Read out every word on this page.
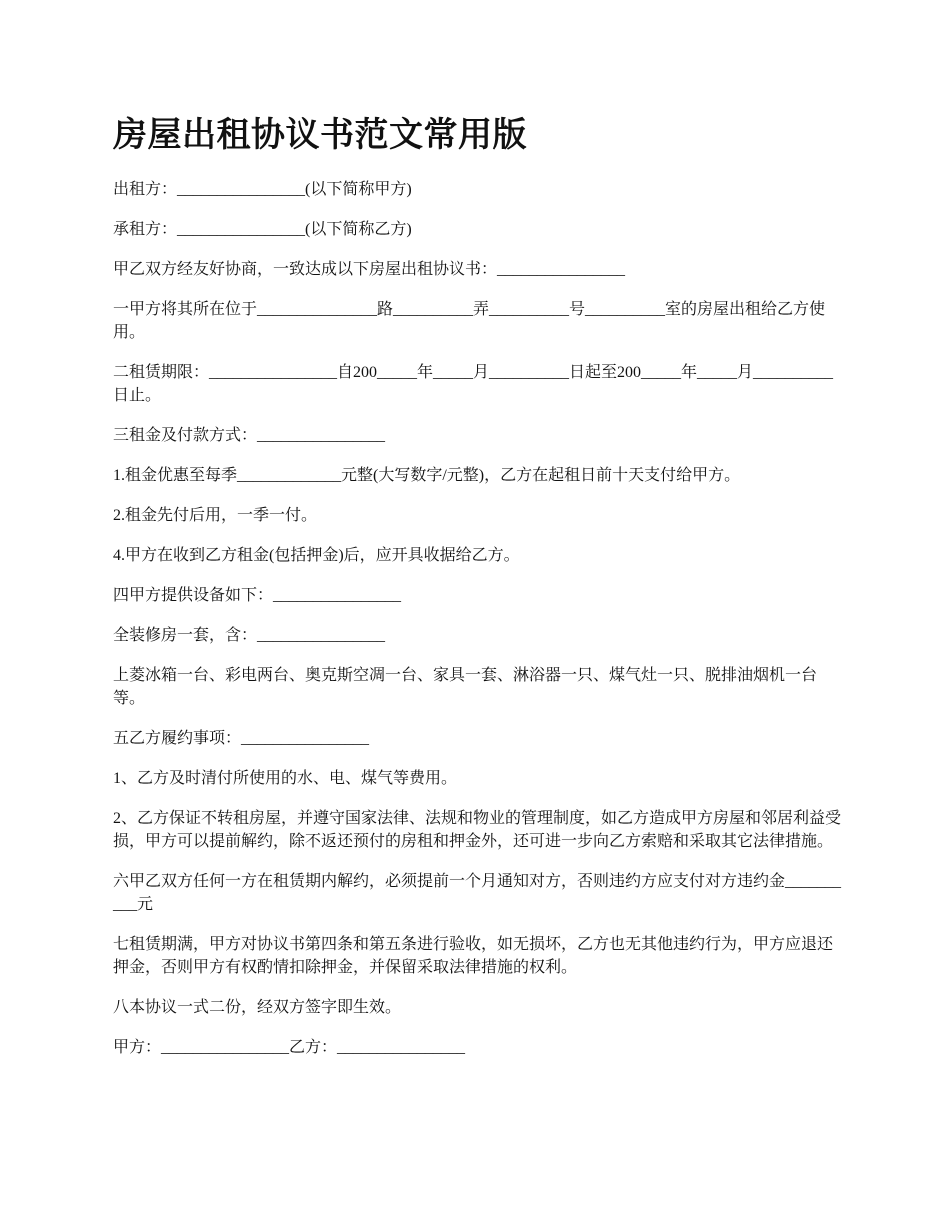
房屋出租协议书范文常用版

出租方：________________(以下简称甲方)

承租方：________________(以下简称乙方)

甲乙双方经友好协商，一致达成以下房屋出租协议书：________________

一甲方将其所在位于_______________路__________弄__________号__________室的房屋出租给乙方使用。

二租赁期限：________________自200_____年_____月__________日起至200_____年_____月__________日止。

三租金及付款方式：________________

1.租金优惠至每季_____________元整(大写数字/元整)，乙方在起租日前十天支付给甲方。

2.租金先付后用，一季一付。

4.甲方在收到乙方租金(包括押金)后，应开具收据给乙方。

四甲方提供设备如下：________________

全装修房一套，含：________________

上菱冰箱一台、彩电两台、奥克斯空凋一台、家具一套、淋浴器一只、煤气灶一只、脱排油烟机一台等。

五乙方履约事项：________________

1、乙方及时清付所使用的水、电、煤气等费用。

2、乙方保证不转租房屋，并遵守国家法律、法规和物业的管理制度，如乙方造成甲方房屋和邻居利益受损，甲方可以提前解约，除不返还预付的房租和押金外，还可进一步向乙方索赔和采取其它法律措施。

六甲乙双方任何一方在租赁期内解约，必须提前一个月通知对方，否则违约方应支付对方违约金__________元

七租赁期满，甲方对协议书第四条和第五条进行验收，如无损坏，乙方也无其他违约行为，甲方应退还押金，否则甲方有权酌情扣除押金，并保留采取法律措施的权利。

八本协议一式二份，经双方签字即生效。

甲方：________________乙方：________________
